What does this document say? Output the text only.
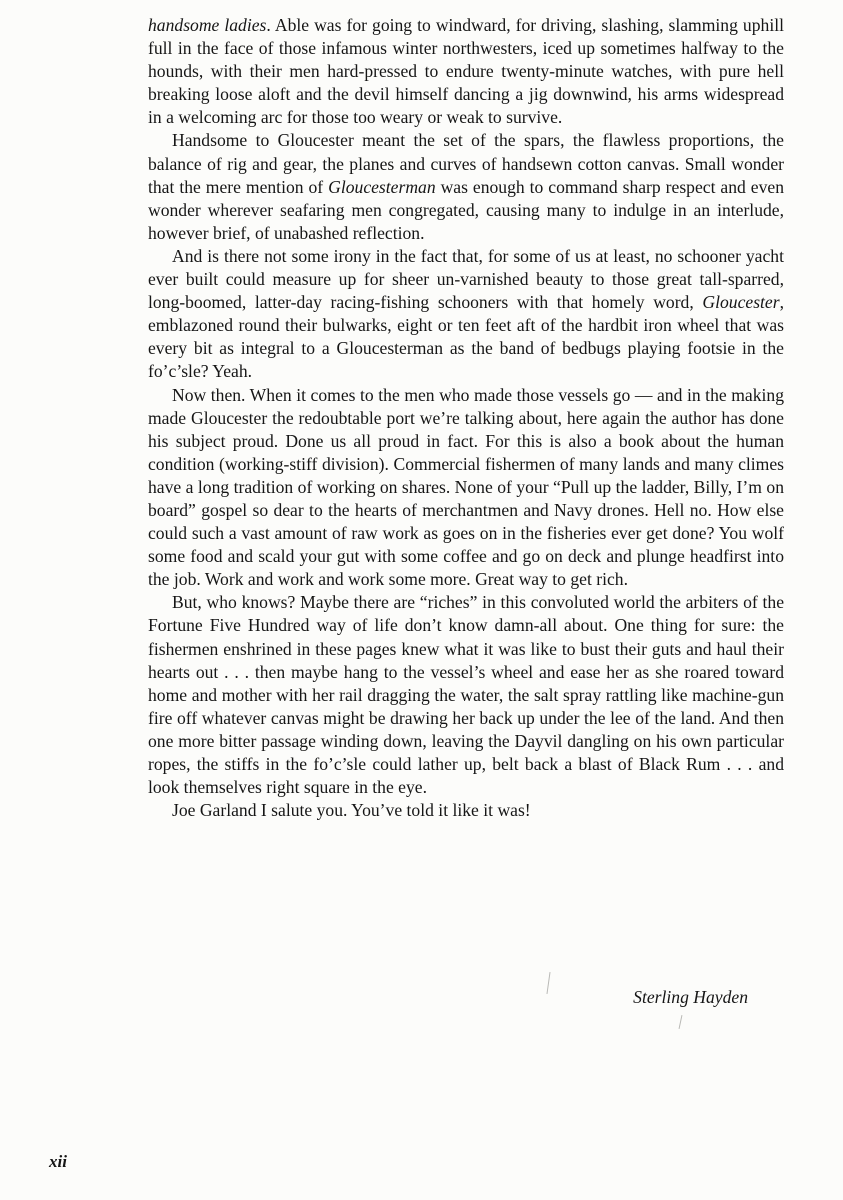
handsome ladies. Able was for going to windward, for driving, slashing, slamming uphill full in the face of those infamous winter northwesters, iced up sometimes halfway to the hounds, with their men hard-pressed to endure twenty-minute watches, with pure hell breaking loose aloft and the devil himself dancing a jig downwind, his arms widespread in a welcoming arc for those too weary or weak to survive.

Handsome to Gloucester meant the set of the spars, the flawless proportions, the balance of rig and gear, the planes and curves of handsewn cotton canvas. Small wonder that the mere mention of Gloucesterman was enough to command sharp respect and even wonder wherever seafaring men congregated, causing many to indulge in an interlude, however brief, of unabashed reflection.

And is there not some irony in the fact that, for some of us at least, no schooner yacht ever built could measure up for sheer un-varnished beauty to those great tall-sparred, long-boomed, latter-day racing-fishing schooners with that homely word, Gloucester, emblazoned round their bulwarks, eight or ten feet aft of the hardbit iron wheel that was every bit as integral to a Gloucesterman as the band of bedbugs playing footsie in the fo’c’sle? Yeah.

Now then. When it comes to the men who made those vessels go — and in the making made Gloucester the redoubtable port we’re talking about, here again the author has done his subject proud. Done us all proud in fact. For this is also a book about the human condition (working-stiff division). Commercial fishermen of many lands and many climes have a long tradition of working on shares. None of your “Pull up the ladder, Billy, I’m on board” gospel so dear to the hearts of merchantmen and Navy drones. Hell no. How else could such a vast amount of raw work as goes on in the fisheries ever get done? You wolf some food and scald your gut with some coffee and go on deck and plunge headfirst into the job. Work and work and work some more. Great way to get rich.

But, who knows? Maybe there are “riches” in this convoluted world the arbiters of the Fortune Five Hundred way of life don’t know damn-all about. One thing for sure: the fishermen enshrined in these pages knew what it was like to bust their guts and haul their hearts out . . . then maybe hang to the vessel’s wheel and ease her as she roared toward home and mother with her rail dragging the water, the salt spray rattling like machine-gun fire off whatever canvas might be drawing her back up under the lee of the land. And then one more bitter passage winding down, leaving the Dayvil dangling on his own particular ropes, the stiffs in the fo’c’sle could lather up, belt back a blast of Black Rum . . . and look themselves right square in the eye.

Joe Garland I salute you. You’ve told it like it was!

Sterling Hayden
xii
